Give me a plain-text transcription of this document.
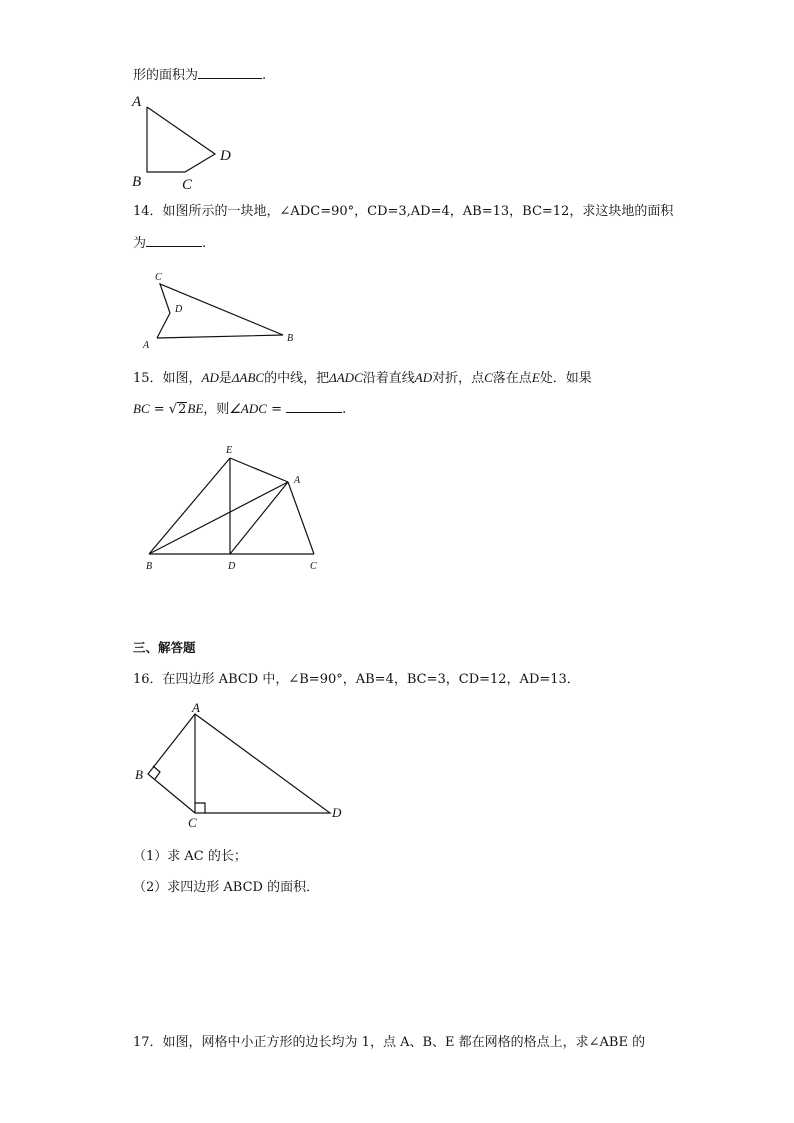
形的面积为	.
A
B	C
D
14．如图所示的一块地，∠ADC=90°，CD=3,AD=4，AB=13，BC=12，求这块地的面积
为	.
C
D
A
B
15．如图，AD是ΔABC的中线，把ΔADC沿着直线AD对折，点C落在点E处．如果
BC = √2BE，则∠ADC =	.
E
A
B	D	C
三、解答题
16．在四边形 ABCD 中，∠B=90°，AB=4，BC=3，CD=12，AD=13．
A
B
C
D
（1）求 AC 的长；
（2）求四边形 ABCD 的面积．
17．如图，网格中小正方形的边长均为 1，点 A、B、E 都在网格的格点上，求∠ABE 的
